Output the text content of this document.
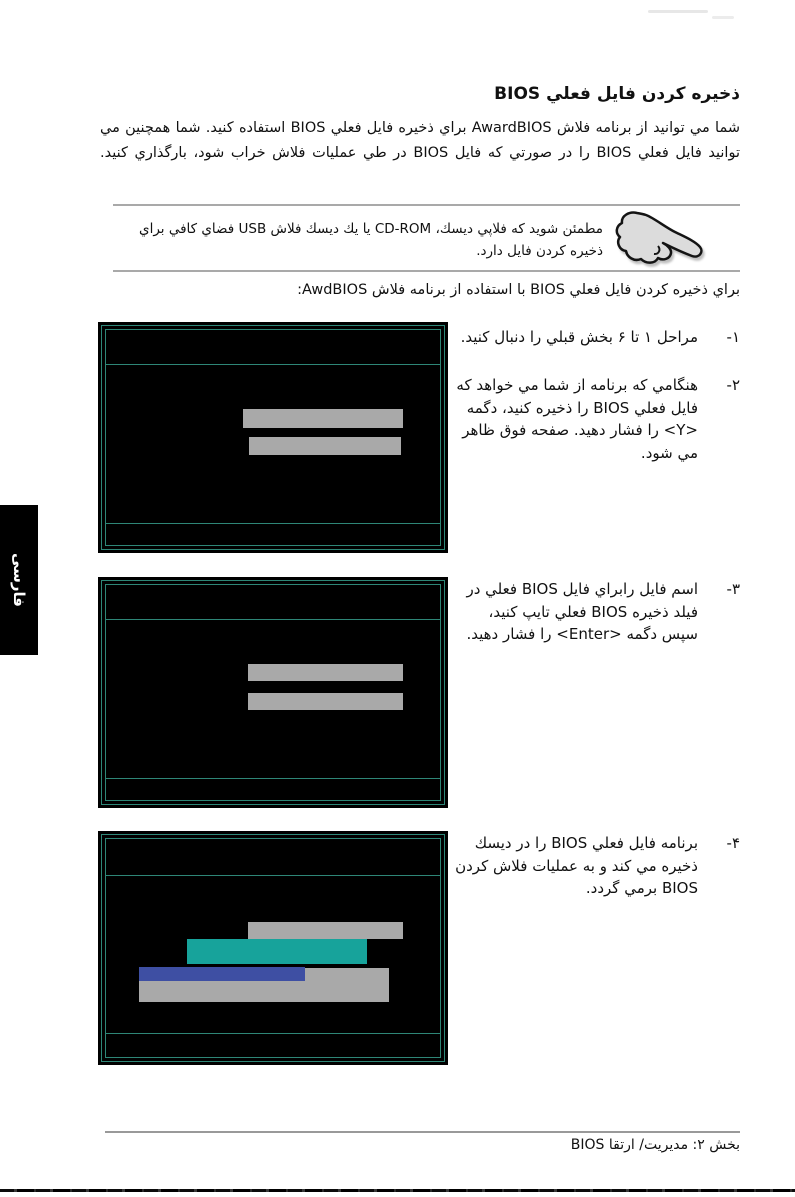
ذخيره كردن فايل فعلي BIOS
شما مي توانيد از برنامه فلاش AwardBIOS براي ذخيره فايل فعلي BIOS استفاده كنيد. شما همچنين مي توانيد فايل فعلي BIOS را در صورتي كه فايل BIOS در طي عمليات فلاش خراب شود، بارگذاري كنيد.
مطمئن شويد كه فلاپي ديسك، CD-ROM يا يك ديسك فلاش USB فضاي كافي براي ذخيره كردن فايل دارد.
براي ذخيره كردن فايل فعلي BIOS با استفاده از برنامه فلاش AwdBIOS:
١-
مراحل ١ تا ۶ بخش قبلي را دنبال كنيد.
٢-
هنگامي كه برنامه از شما مي خواهد كه فايل فعلي BIOS را ذخيره كنيد، دگمه <Y> را فشار دهيد. صفحه فوق ظاهر مي شود.
٣-
اسم فايل رابراي فايل BIOS فعلي در فيلد ذخيره BIOS فعلي تايپ كنيد، سپس دگمه <Enter> را فشار دهيد.
۴-
برنامه فايل فعلي BIOS را در ديسك ذخيره مي كند و به عمليات فلاش كردن BIOS برمي گردد.
فارسی
بخش ٢: مديريت/ ارتقا BIOS
